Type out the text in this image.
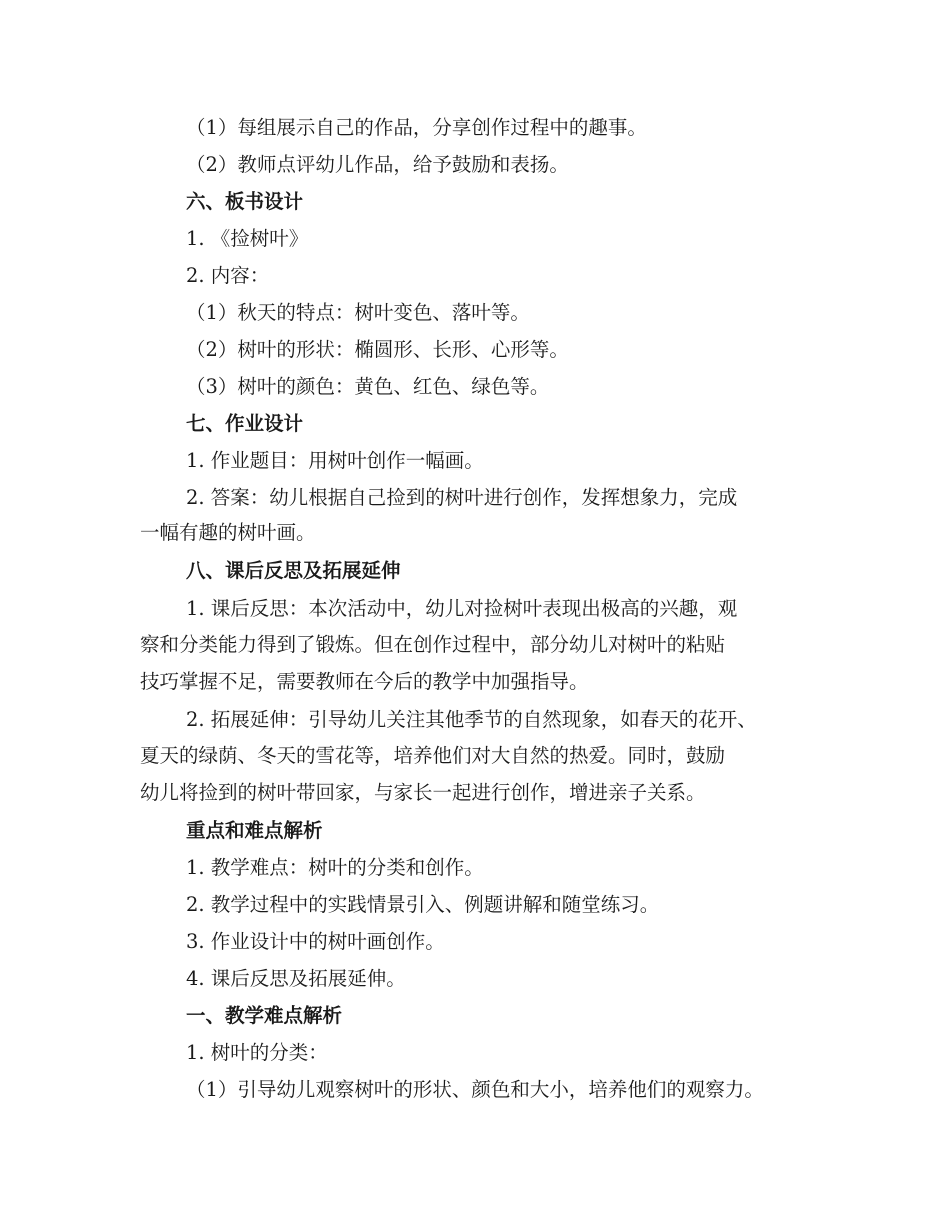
（1）每组展示自己的作品，分享创作过程中的趣事。
（2）教师点评幼儿作品，给予鼓励和表扬。
六、板书设计
1. 《捡树叶》
2. 内容：
（1）秋天的特点：树叶变色、落叶等。
（2）树叶的形状：椭圆形、长形、心形等。
（3）树叶的颜色：黄色、红色、绿色等。
七、作业设计
1. 作业题目：用树叶创作一幅画。
2. 答案：幼儿根据自己捡到的树叶进行创作，发挥想象力，完成
一幅有趣的树叶画。
八、课后反思及拓展延伸
1. 课后反思：本次活动中，幼儿对捡树叶表现出极高的兴趣，观
察和分类能力得到了锻炼。但在创作过程中，部分幼儿对树叶的粘贴
技巧掌握不足，需要教师在今后的教学中加强指导。
2. 拓展延伸：引导幼儿关注其他季节的自然现象，如春天的花开、
夏天的绿荫、冬天的雪花等，培养他们对大自然的热爱。同时，鼓励
幼儿将捡到的树叶带回家，与家长一起进行创作，增进亲子关系。
重点和难点解析
1. 教学难点：树叶的分类和创作。
2. 教学过程中的实践情景引入、例题讲解和随堂练习。
3. 作业设计中的树叶画创作。
4. 课后反思及拓展延伸。
一、教学难点解析
1. 树叶的分类：
（1）引导幼儿观察树叶的形状、颜色和大小，培养他们的观察力。
